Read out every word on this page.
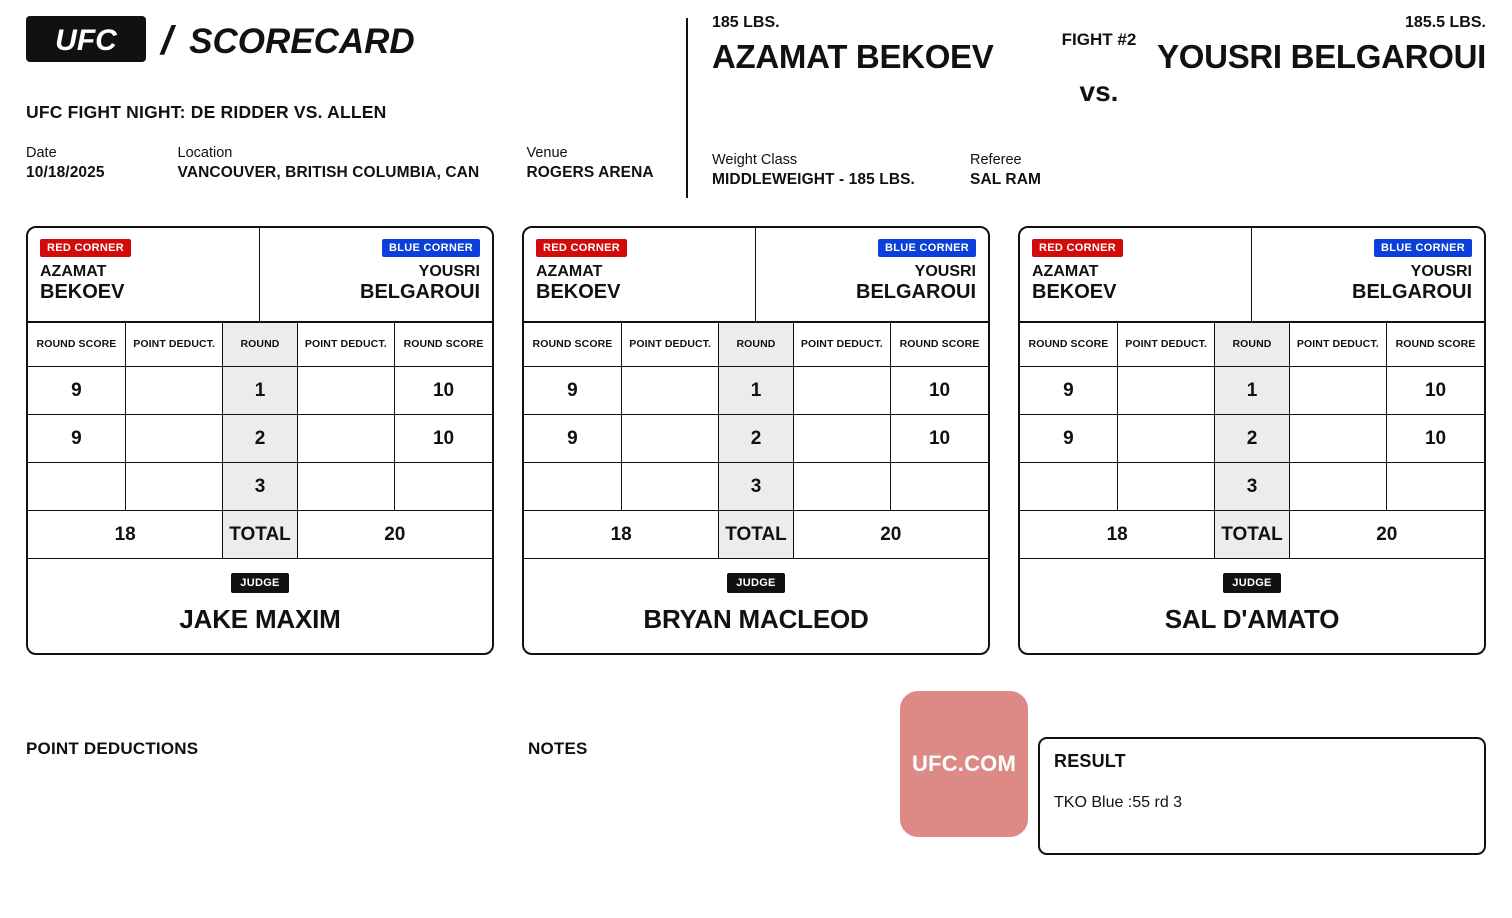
UFC / SCORECARD
UFC FIGHT NIGHT: DE RIDDER VS. ALLEN
Date
10/18/2025
Location
VANCOUVER, BRITISH COLUMBIA, CAN
Venue
ROGERS ARENA
185 LBS.
AZAMAT BEKOEV	FIGHT #2
vs.
185.5 LBS.
YOUSRI BELGAROUI
Weight Class
MIDDLEWEIGHT - 185 LBS.
Referee
SAL RAM
RED CORNER
AZAMAT
BEKOEV
BLUE CORNER
YOUSRI
BELGAROUI
ROUND SCORE	POINT DEDUCT.	ROUND	POINT DEDUCT.	ROUND SCORE
9		1		10
9		2		10
		3		
18		TOTAL	20	
JUDGE
JAKE MAXIM
RED CORNER
AZAMAT
BEKOEV
BLUE CORNER
YOUSRI
BELGAROUI
ROUND SCORE	POINT DEDUCT.	ROUND	POINT DEDUCT.	ROUND SCORE
9		1		10
9		2		10
		3		
18		TOTAL	20	
JUDGE
BRYAN MACLEOD
RED CORNER
AZAMAT
BEKOEV
BLUE CORNER
YOUSRI
BELGAROUI
ROUND SCORE	POINT DEDUCT.	ROUND	POINT DEDUCT.	ROUND SCORE
9		1		10
9		2		10
		3		
18		TOTAL	20	
JUDGE
SAL D'AMATO
POINT DEDUCTIONS	NOTES
UFC.COM RESULT
TKO Blue :55 rd 3
